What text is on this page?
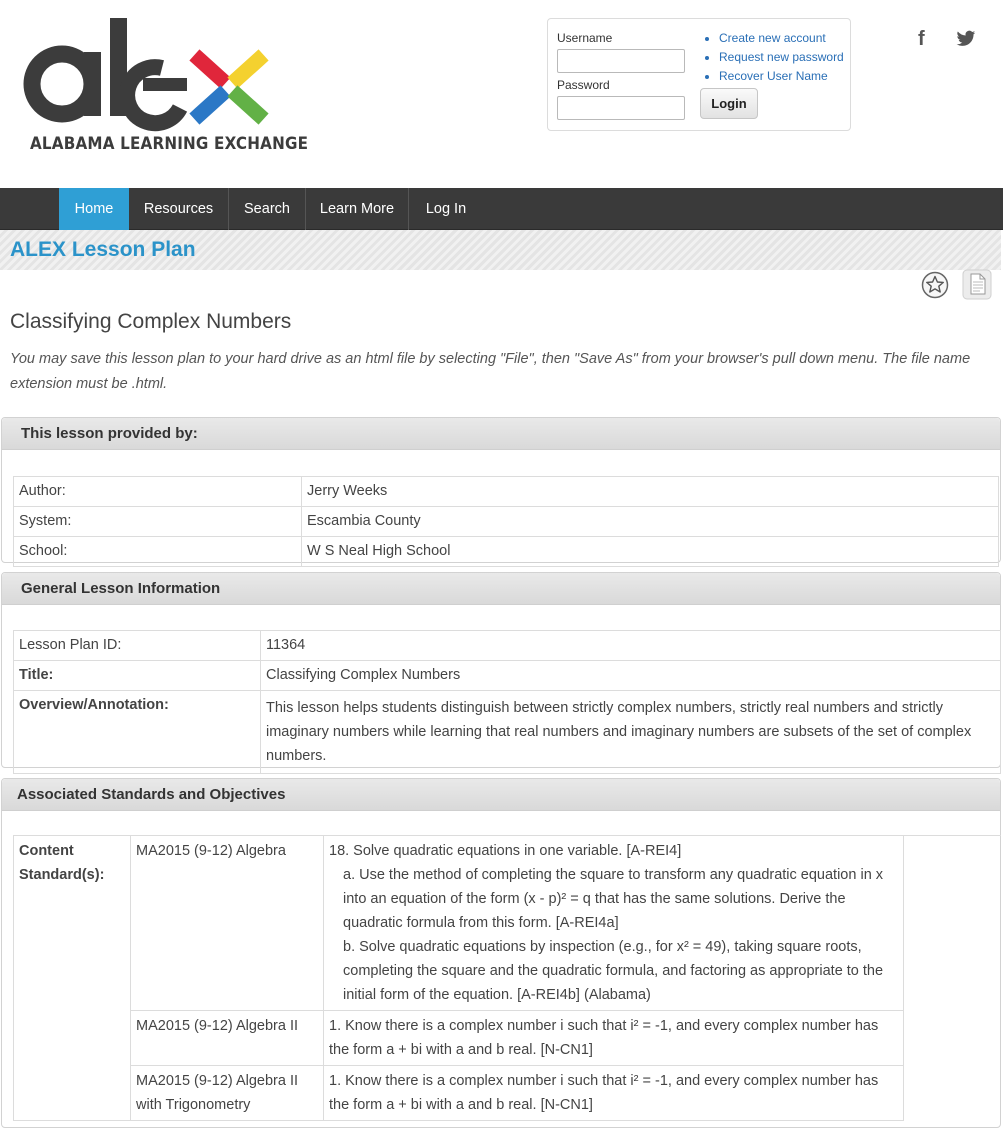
ALABAMA LEARNING EXCHANGE
Username
Password
• Create new account
• Request new password
• Recover User Name
Login
f
Home	Resources	Search	Learn More	Log In
ALEX Lesson Plan
Classifying Complex Numbers
You may save this lesson plan to your hard drive as an html file by selecting "File", then "Save As" from your browser's pull down menu. The file name extension must be .html.
This lesson provided by:
Author:	Jerry Weeks
System:	Escambia County
School:	W S Neal High School
General Lesson Information
Lesson Plan ID:	11364
Title:	Classifying Complex Numbers
Overview/Annotation:	This lesson helps students distinguish between strictly complex numbers, strictly real numbers and strictly imaginary numbers while learning that real numbers and imaginary numbers are subsets of the set of complex numbers.
Associated Standards and Objectives
Content Standard(s):	MA2015 (9-12) Algebra	18. Solve quadratic equations in one variable. [A-REI4]
a. Use the method of completing the square to transform any quadratic equation in x into an equation of the form (x - p)² = q that has the same solutions. Derive the quadratic formula from this form. [A-REI4a]
b. Solve quadratic equations by inspection (e.g., for x² = 49), taking square roots, completing the square and the quadratic formula, and factoring as appropriate to the initial form of the equation. [A-REI4b] (Alabama)	

	MA2015 (9-12) Algebra II	1. Know there is a complex number i such that i² = -1, and every complex number has the form a + bi with a and b real. [N-CN1]	
	MA2015 (9-12) Algebra II with Trigonometry	1. Know there is a complex number i such that i² = -1, and every complex number has the form a + bi with a and b real. [N-CN1]	
